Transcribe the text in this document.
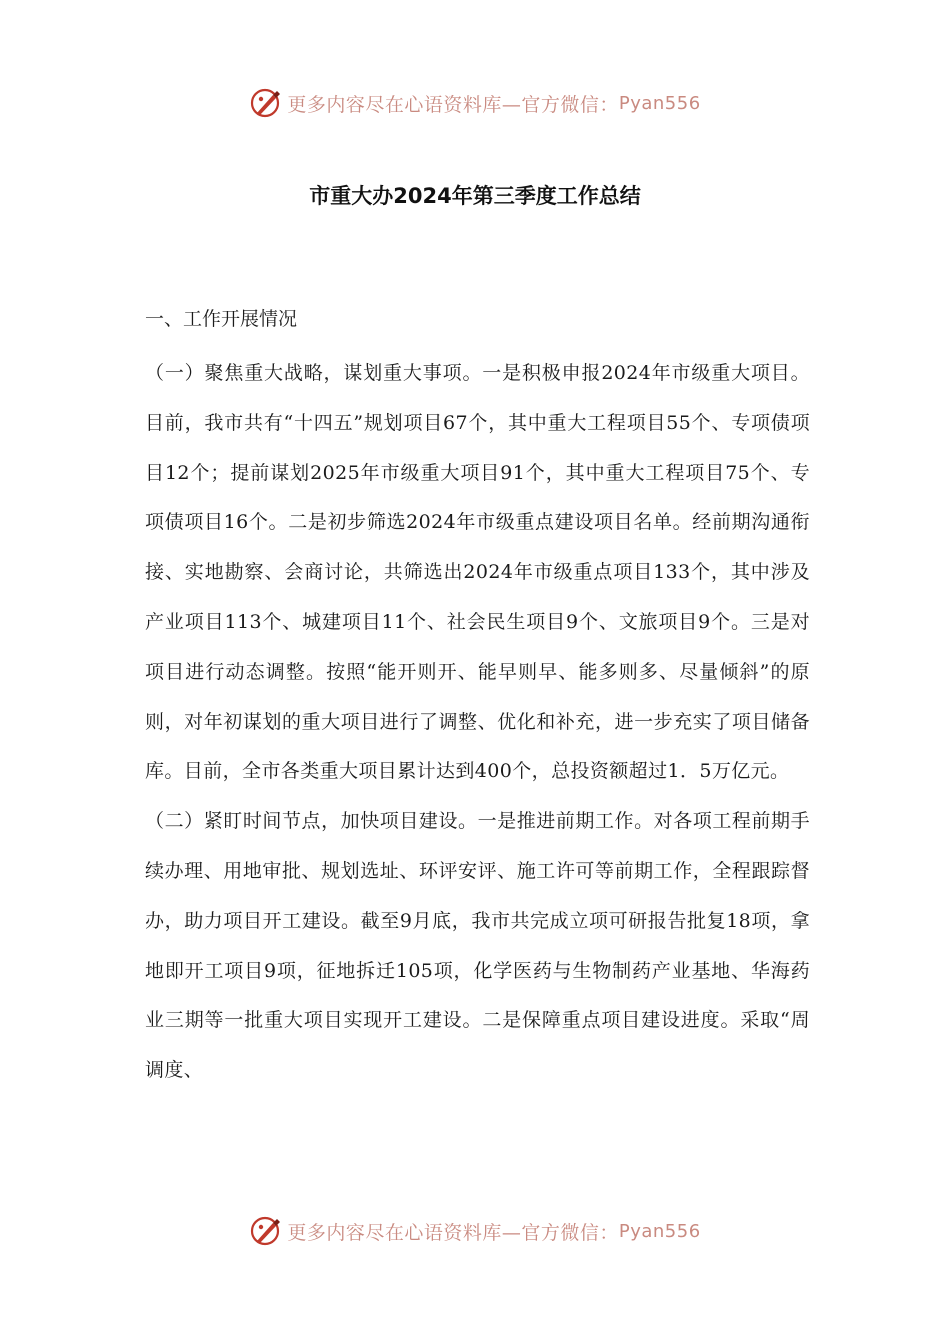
更多内容尽在心语资料库—官方微信： Pyan556
市重大办2024年第三季度工作总结

一、工作开展情况

（一）聚焦重大战略，谋划重大事项。一是积极申报2024年市级重大项目。目前，我市共有“十四五”规划项目67个，其中重大工程项目55个、专项债项目12个；提前谋划2025年市级重大项目91个，其中重大工程项目75个、专项债项目16个。二是初步筛选2024年市级重点建设项目名单。经前期沟通衔接、实地勘察、会商讨论，共筛选出2024年市级重点项目133个，其中涉及产业项目113个、城建项目11个、社会民生项目9个、文旅项目9个。三是对项目进行动态调整。按照“能开则开、能早则早、能多则多、尽量倾斜”的原则，对年初谋划的重大项目进行了调整、优化和补充，进一步充实了项目储备库。目前，全市各类重大项目累计达到400个，总投资额超过1．5万亿元。

（二）紧盯时间节点，加快项目建设。一是推进前期工作。对各项工程前期手续办理、用地审批、规划选址、环评安评、施工许可等前期工作，全程跟踪督办，助力项目开工建设。截至9月底，我市共完成立项可研报告批复18项，拿地即开工项目9项，征地拆迁105项，化学医药与生物制药产业基地、华海药业三期等一批重大项目实现开工建设。二是保障重点项目建设进度。采取“周调度、

更多内容尽在心语资料库—官方微信： Pyan556
